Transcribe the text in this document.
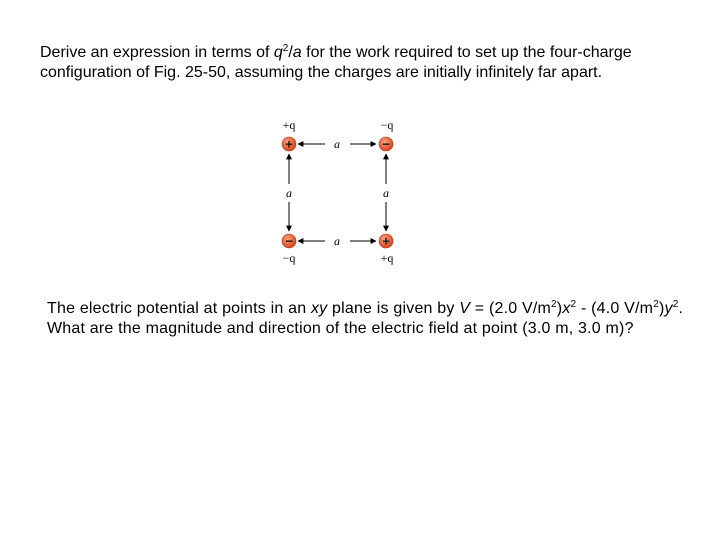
Derive an expression in terms of $q^2/a$ for the work required to set up the four-charge configuration of Fig. 25-50, assuming the charges are initially infinitely far apart.

a
a
a	a
+q	−q
−q	+q
+	−
−	+

The electric potential at points in an xy plane is given by V = (2.0 $V/m^2)x^2 - (4.0$ $V/m^2)y^2$. What are the magnitude and direction of the electric field at point (3.0 m, 3.0 m)?
